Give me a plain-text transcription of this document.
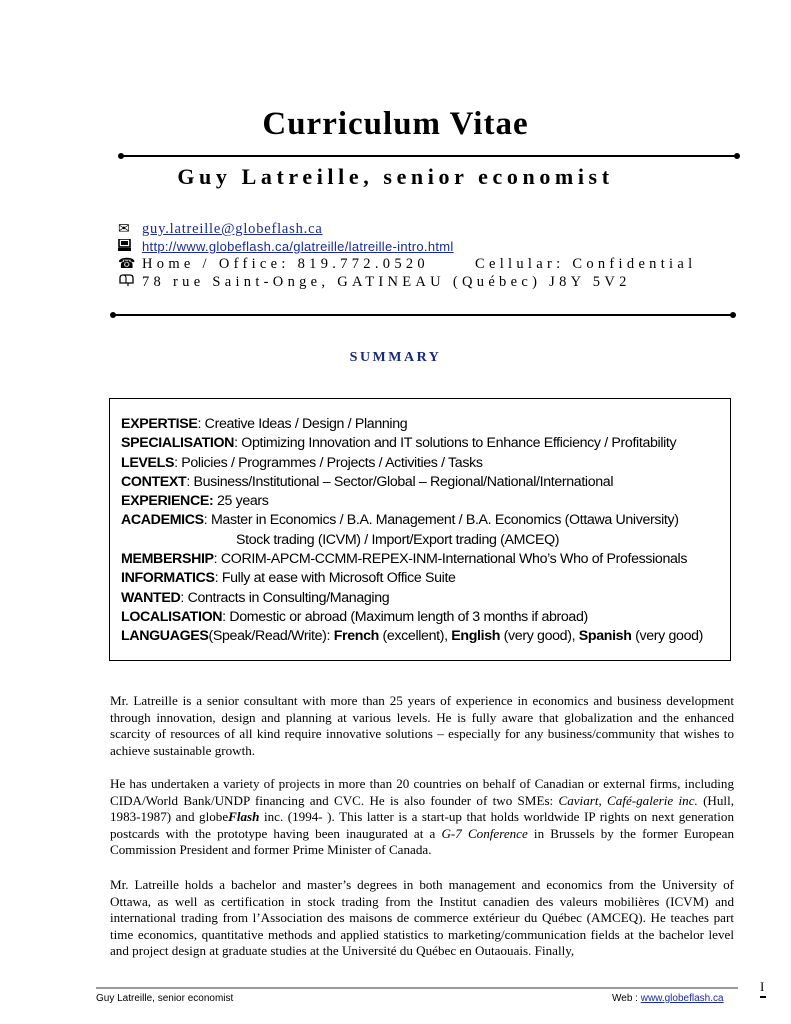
Curriculum Vitae
Guy Latreille, senior economist
✉ guy.latreille@globeflash.ca
http://www.globeflash.ca/glatreille/latreille-intro.html
☎ Home / Office: 819.772.0520	Cellular: Confidential
78 rue Saint-Onge, GATINEAU (Québec) J8Y 5V2
SUMMARY
EXPERTISE: Creative Ideas / Design / Planning
SPECIALISATION: Optimizing Innovation and IT solutions to Enhance Efficiency / Profitability
LEVELS: Policies / Programmes / Projects / Activities / Tasks
CONTEXT: Business/Institutional – Sector/Global – Regional/National/International
EXPERIENCE: 25 years
ACADEMICS: Master in Economics / B.A. Management / B.A. Economics (Ottawa University)
Stock trading (ICVM) / Import/Export trading (AMCEQ)
MEMBERSHIP: CORIM-APCM-CCMM-REPEX-INM-International Who’s Who of Professionals
INFORMATICS: Fully at ease with Microsoft Office Suite
WANTED: Contracts in Consulting/Managing
LOCALISATION: Domestic or abroad (Maximum length of 3 months if abroad)
LANGUAGES(Speak/Read/Write): French (excellent), English (very good), Spanish (very good)

Mr. Latreille is a senior consultant with more than 25 years of experience in economics and business development through innovation, design and planning at various levels. He is fully aware that globalization and the enhanced scarcity of resources of all kind require innovative solutions – especially for any business/community that wishes to achieve sustainable growth.

He has undertaken a variety of projects in more than 20 countries on behalf of Canadian or external firms, including CIDA/World Bank/UNDP financing and CVC. He is also founder of two SMEs: Caviart, Café-galerie inc. (Hull, 1983-1987) and globeFlash inc. (1994- ). This latter is a start-up that holds worldwide IP rights on next generation postcards with the prototype having been inaugurated at a G-7 Conference in Brussels by the former European Commission President and former Prime Minister of Canada.

Mr. Latreille holds a bachelor and master’s degrees in both management and economics from the University of Ottawa, as well as certification in stock trading from the Institut canadien des valeurs mobilières (ICVM) and international trading from l’Association des maisons de commerce extérieur du Québec (AMCEQ). He teaches part time economics, quantitative methods and applied statistics to marketing/communication fields at the bachelor level and project design at graduate studies at the Université du Québec en Outaouais. Finally,

Guy Latreille, senior economist	Web : www.globeflash.ca
I
